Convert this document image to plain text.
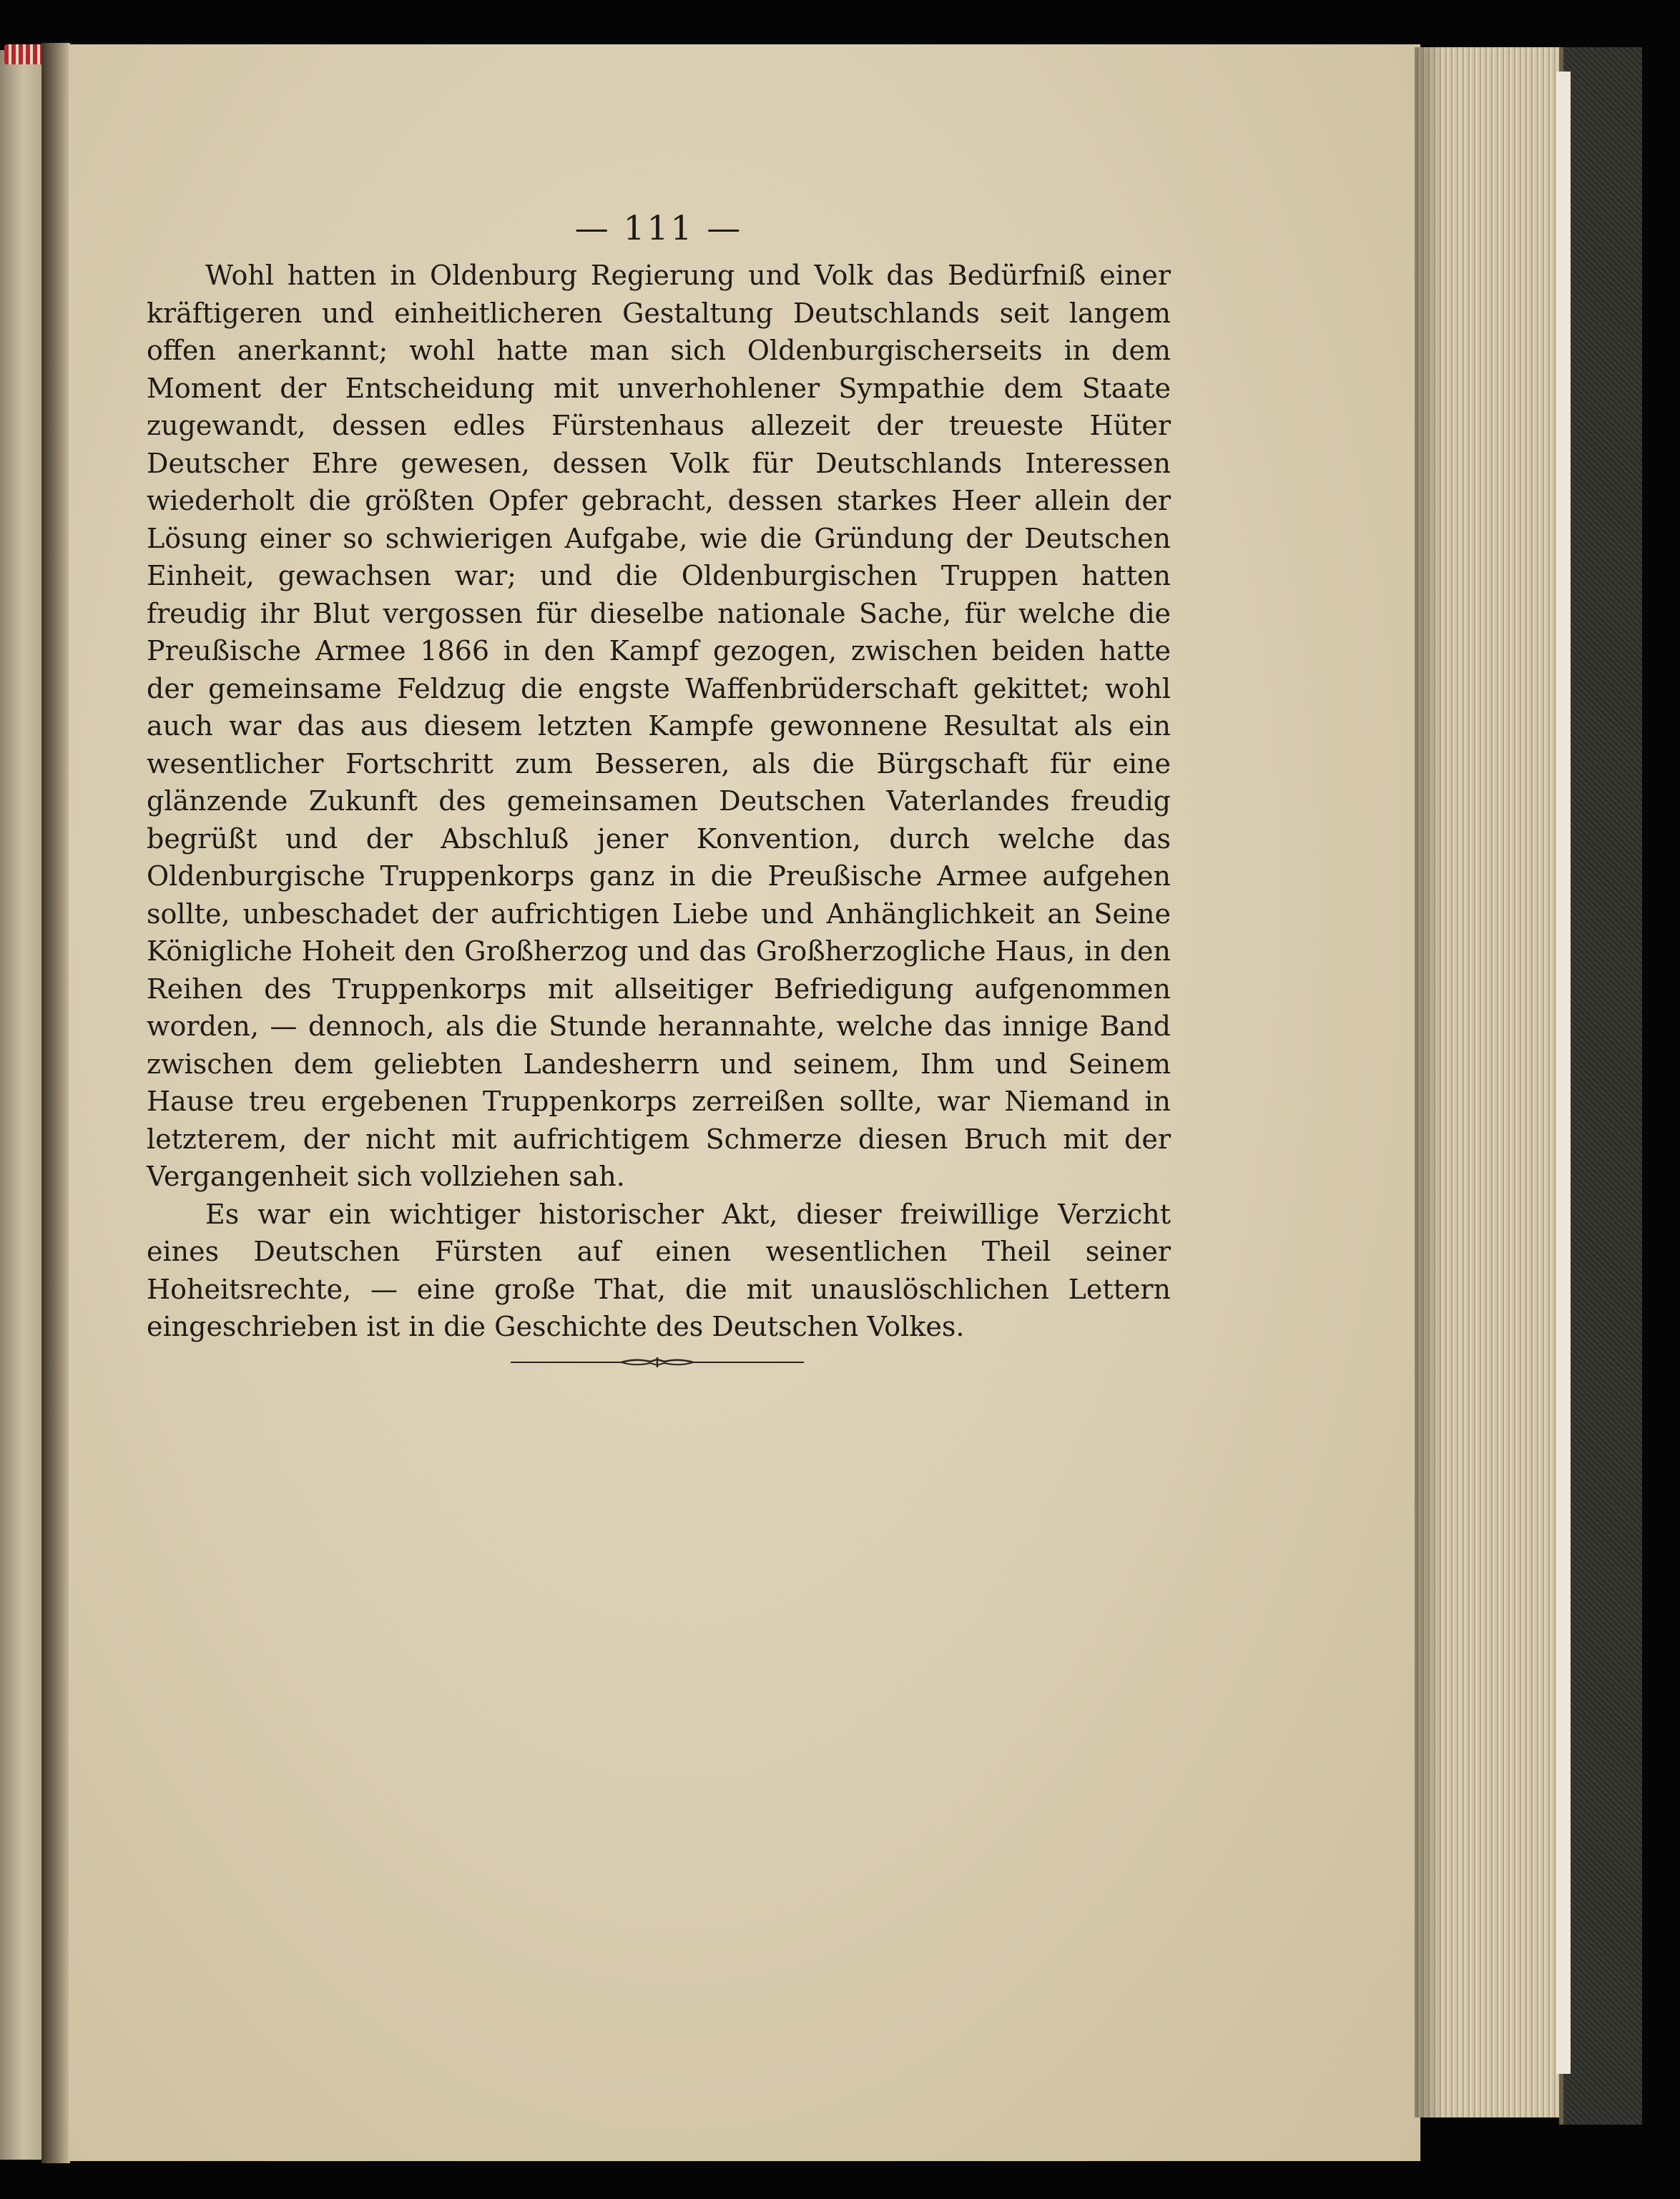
— 111 —

Wohl hatten in Oldenburg Regierung und Volk das Bedürfniß einer kräftigeren und einheitlicheren Gestaltung Deutschlands seit langem offen anerkannt; wohl hatte man sich Oldenburgischerseits in dem Moment der Entscheidung mit unverhohlener Sympathie dem Staate zugewandt, dessen edles Fürstenhaus allezeit der treueste Hüter Deutscher Ehre gewesen, dessen Volk für Deutschlands Interessen wiederholt die größten Opfer gebracht, dessen starkes Heer allein der Lösung einer so schwierigen Aufgabe, wie die Gründung der Deutschen Einheit, gewachsen war; und die Oldenburgischen Truppen hatten freudig ihr Blut vergossen für dieselbe nationale Sache, für welche die Preußische Armee 1866 in den Kampf gezogen, zwischen beiden hatte der gemeinsame Feldzug die engste Waffenbrüderschaft gekittet; wohl auch war das aus diesem letzten Kampfe gewonnene Resultat als ein wesentlicher Fortschritt zum Besseren, als die Bürgschaft für eine glänzende Zukunft des gemeinsamen Deutschen Vaterlandes freudig begrüßt und der Abschluß jener Konvention, durch welche das Oldenburgische Truppenkorps ganz in die Preußische Armee aufgehen sollte, unbeschadet der aufrichtigen Liebe und Anhänglichkeit an Seine Königliche Hoheit den Großherzog und das Großherzogliche Haus, in den Reihen des Truppenkorps mit allseitiger Befriedigung aufgenommen worden, — dennoch, als die Stunde herannahte, welche das innige Band zwischen dem geliebten Landesherrn und seinem, Ihm und Seinem Hause treu ergebenen Truppenkorps zerreißen sollte, war Niemand in letzterem, der nicht mit aufrichtigem Schmerze diesen Bruch mit der Vergangenheit sich vollziehen sah.

Es war ein wichtiger historischer Akt, dieser freiwillige Verzicht eines Deutschen Fürsten auf einen wesentlichen Theil seiner Hoheitsrechte, — eine große That, die mit unauslöschlichen Lettern eingeschrieben ist in die Geschichte des Deutschen Volkes.
